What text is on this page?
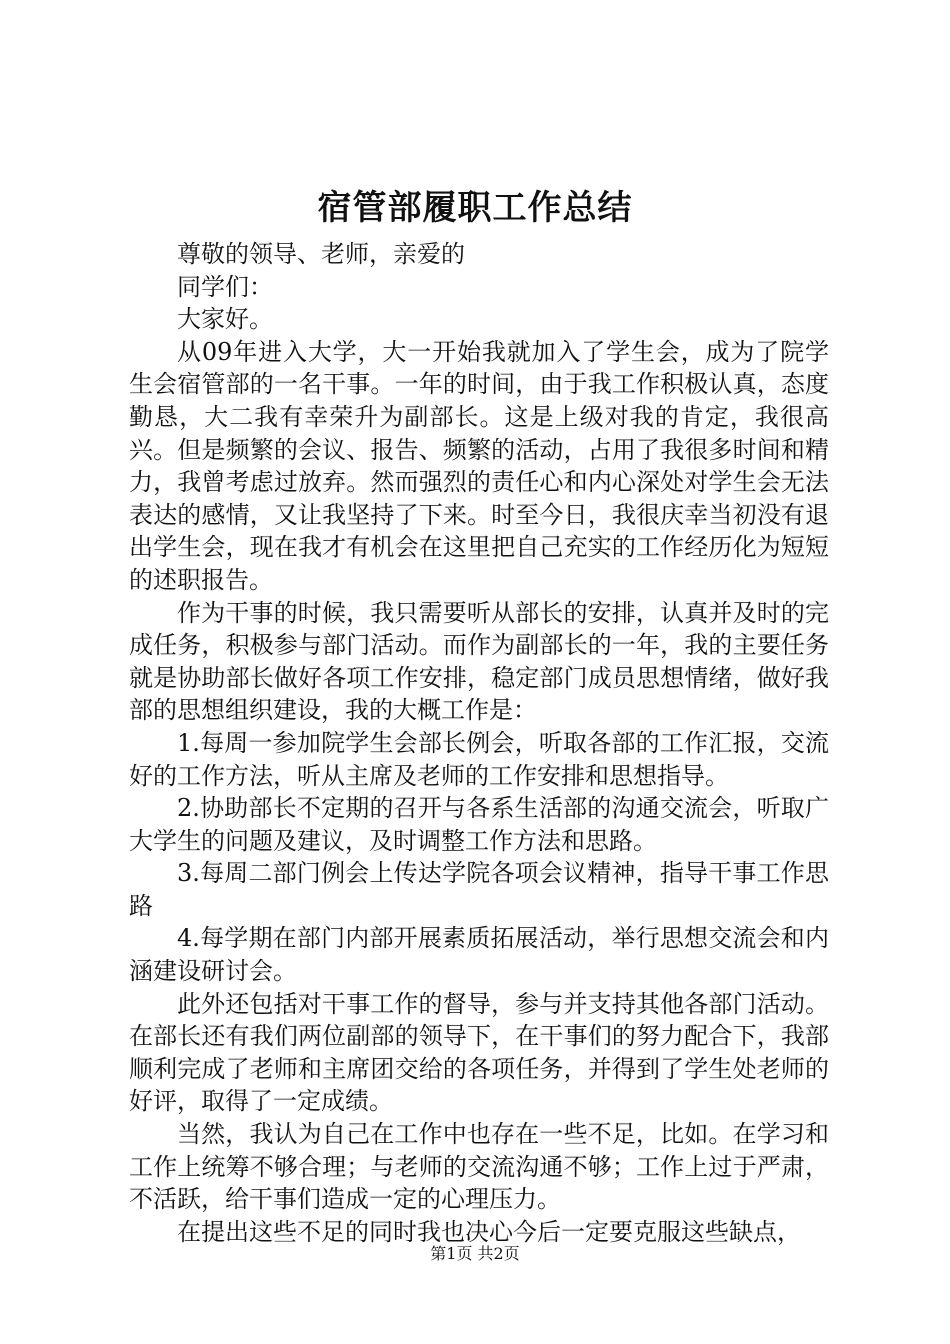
宿管部履职工作总结

尊敬的领导、老师，亲爱的

同学们：

大家好。

从09年进入大学，大一开始我就加入了学生会，成为了院学生会宿管部的一名干事。一年的时间，由于我工作积极认真，态度勤恳，大二我有幸荣升为副部长。这是上级对我的肯定，我很高兴。但是频繁的会议、报告、频繁的活动，占用了我很多时间和精力，我曾考虑过放弃。然而强烈的责任心和内心深处对学生会无法表达的感情，又让我坚持了下来。时至今日，我很庆幸当初没有退出学生会，现在我才有机会在这里把自己充实的工作经历化为短短的述职报告。

作为干事的时候，我只需要听从部长的安排，认真并及时的完成任务，积极参与部门活动。而作为副部长的一年，我的主要任务就是协助部长做好各项工作安排，稳定部门成员思想情绪，做好我部的思想组织建设，我的大概工作是：

1.每周一参加院学生会部长例会，听取各部的工作汇报，交流好的工作方法，听从主席及老师的工作安排和思想指导。

2.协助部长不定期的召开与各系生活部的沟通交流会，听取广大学生的问题及建议，及时调整工作方法和思路。

3.每周二部门例会上传达学院各项会议精神，指导干事工作思路

4.每学期在部门内部开展素质拓展活动，举行思想交流会和内涵建设研讨会。

此外还包括对干事工作的督导，参与并支持其他各部门活动。在部长还有我们两位副部的领导下，在干事们的努力配合下，我部顺利完成了老师和主席团交给的各项任务，并得到了学生处老师的好评，取得了一定成绩。

当然，我认为自己在工作中也存在一些不足，比如。在学习和工作上统筹不够合理；与老师的交流沟通不够；工作上过于严肃，不活跃，给干事们造成一定的心理压力。

在提出这些不足的同时我也决心今后一定要克服这些缺点，

第1页 共2页
